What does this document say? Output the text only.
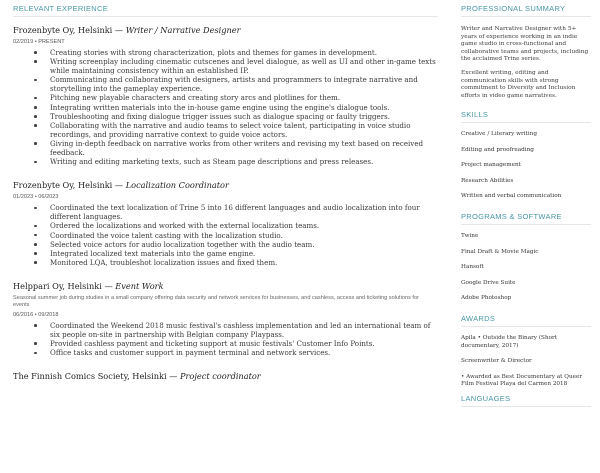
RELEVANT EXPERIENCE
Frozenbyte Oy, Helsinki — Writer / Narrative Designer
02/2019 • PRESENT
Creating stories with strong characterization, plots and themes for games in development.
Writing screenplay including cinematic cutscenes and level dialogue, as well as UI and other in-game texts while maintaining consistency within an established IP.
Communicating and collaborating with designers, artists and programmers to integrate narrative and storytelling into the gameplay experience.
Pitching new playable characters and creating story arcs and plotlines for them.
Integrating written materials into the in-house game engine using the engine's dialogue tools.
Troubleshooting and fixing dialogue trigger issues such as dialogue spacing or faulty triggers.
Collaborating with the narrative and audio teams to select voice talent, participating in voice studio recordings, and providing narrative context to guide voice actors.
Giving in-depth feedback on narrative works from other writers and revising my text based on received feedback.
Writing and editing marketing texts, such as Steam page descriptions and press releases.
Frozenbyte Oy, Helsinki — Localization Coordinator
01/2023 • 06/2023
Coordinated the text localization of Trine 5 into 16 different languages and audio localization into four different languages.
Ordered the localizations and worked with the external localization teams.
Coordinated the voice talent casting with the localization studio.
Selected voice actors for audio localization together with the audio team.
Integrated localized text materials into the game engine.
Monitored LQA, troubleshot localization issues and fixed them.
Helppari Oy, Helsinki — Event Work
Seasonal summer job during studies in a small company offering data security and network services for businesses, and cashless, access and ticketing solutions for events
06/2016 • 09/2018
Coordinated the Weekend 2018 music festival's cashless implementation and led an international team of six people on-site in partnership with Belgian company Playpass.
Provided cashless payment and ticketing support at music festivals' Customer Info Points.
Office tasks and customer support in payment terminal and network services.
The Finnish Comics Society, Helsinki — Project coordinator
PROFESSIONAL SUMMARY

Writer and Narrative Designer with 5+ years of experience working in an indie game studio in cross-functional and collaborative teams and projects, including the acclaimed Trine series.

Excellent writing, editing and communication skills with strong commitment to Diversity and Inclusion efforts in video game narratives.

SKILLS
Creative / Literary writing
Editing and proofreading
Project management
Research Abilities
Written and verbal communication
PROGRAMS & SOFTWARE
Twine
Final Draft & Movie Magic
Hansoft
Google Drive Suite
Adobe Photoshop
AWARDS
Apila • Outside the Binary (Short documentary, 2017)
Screenwriter & Director
• Awarded as Best Documentary at Queer Film Festival Playa del Carmen 2018
LANGUAGES
